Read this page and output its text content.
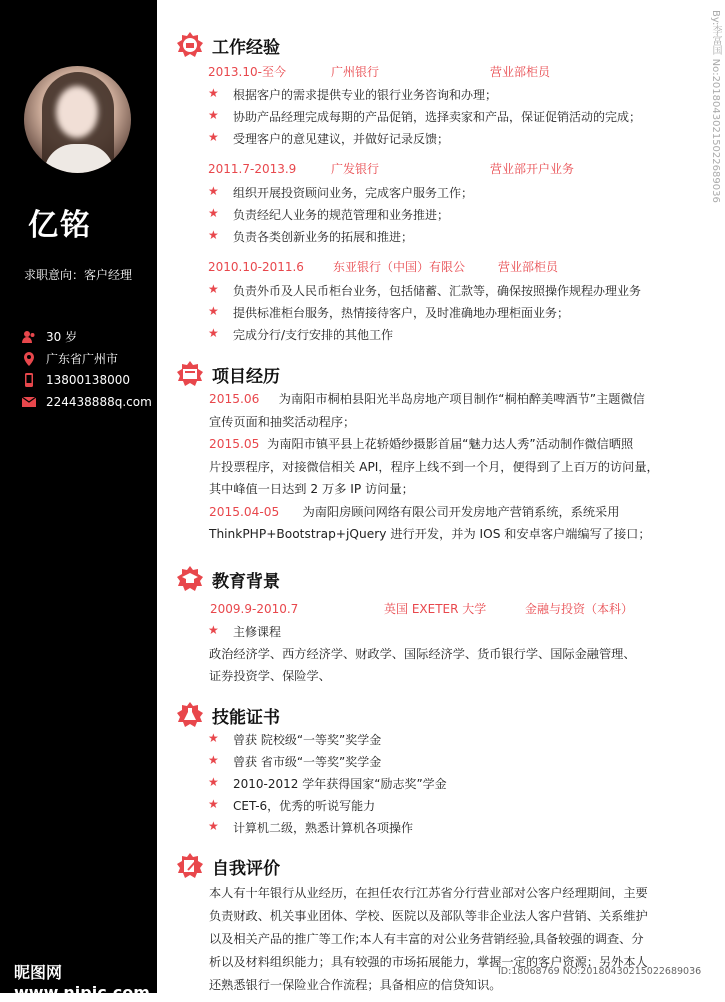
亿铭
求职意向：客户经理
30 岁
广东省广州市
13800138000
224438888q.com
昵图网 www.nipic.com
工作经验
2013.10-至今	广州银行	营业部柜员
★ 根据客户的需求提供专业的银行业务咨询和办理；
★ 协助产品经理完成每期的产品促销，选择卖家和产品，保证促销活动的完成；
★ 受理客户的意见建议，并做好记录反馈；
2011.7-2013.9	广发银行	营业部开户业务
★ 组织开展投资顾问业务，完成客户服务工作；
★ 负责经纪人业务的规范管理和业务推进；
★ 负责各类创新业务的拓展和推进；
2010.10-2011.6 东亚银行（中国）有限公	营业部柜员
★ 负责外币及人民币柜台业务，包括储蓄、汇款等，确保按照操作规程办理业务
★ 提供标准柜台服务，热情接待客户，及时准确地办理柜面业务；
★ 完成分行/支行安排的其他工作
项目经历
2015.06 为南阳市桐柏县阳光半岛房地产项目制作“桐柏醉美啤酒节”主题微信
宣传页面和抽奖活动程序；
2015.05 为南阳市镇平县上花轿婚纱摄影首届“魅力达人秀”活动制作微信晒照
片投票程序，对接微信相关 API，程序上线不到一个月，便得到了上百万的访问量，
其中峰值一日达到 2 万多 IP 访问量；
2015.04-05 为南阳房顾问网络有限公司开发房地产营销系统，系统采用
ThinkPHP+Bootstrap+jQuery 进行开发，并为 IOS 和安卓客户端编写了接口；
教育背景
2009.9-2010.7	英国 EXETER 大学	金融与投资（本科）
★ 主修课程
政治经济学、西方经济学、财政学、国际经济学、货币银行学、国际金融管理、
证券投资学、保险学、
技能证书
★ 曾获 院校级“一等奖”奖学金
★ 曾获 省市级“一等奖”奖学金
★ 2010-2012 学年获得国家“励志奖”学金
★ CET-6，优秀的听说写能力
★ 计算机二级，熟悉计算机各项操作
自我评价
本人有十年银行从业经历，在担任农行江苏省分行营业部对公客户经理期间，主要
负责财政、机关事业团体、学校、医院以及部队等非企业法人客户营销、关系维护
以及相关产品的推广等工作;本人有丰富的对公业务营销经验,具备较强的调查、分
析以及材料组织能力；具有较强的市场拓展能力，掌握一定的客户资源；另外本人
还熟悉银行一保险业合作流程；具备相应的信贷知识。
By:李富国 No:20180430215022689036
ID:18068769 NO:20180430215022689036
